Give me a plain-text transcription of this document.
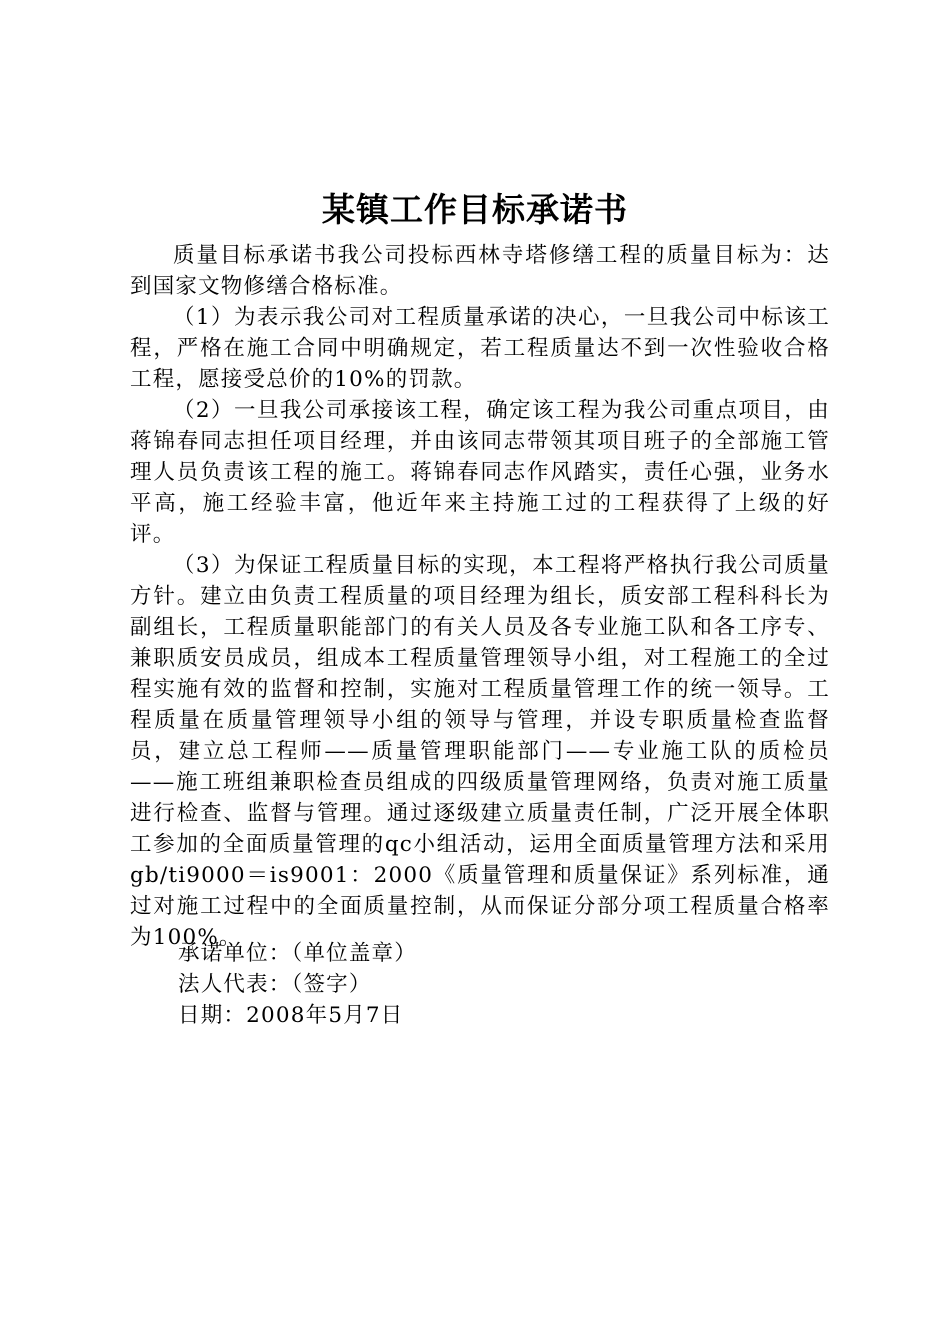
某镇工作目标承诺书

质量目标承诺书我公司投标西林寺塔修缮工程的质量目标为：达到国家文物修缮合格标准。

（1）为表示我公司对工程质量承诺的决心，一旦我公司中标该工程，严格在施工合同中明确规定，若工程质量达不到一次性验收合格工程，愿接受总价的10%的罚款。

（2）一旦我公司承接该工程，确定该工程为我公司重点项目，由蒋锦春同志担任项目经理，并由该同志带领其项目班子的全部施工管理人员负责该工程的施工。蒋锦春同志作风踏实，责任心强，业务水平高，施工经验丰富，他近年来主持施工过的工程获得了上级的好评。

（3）为保证工程质量目标的实现，本工程将严格执行我公司质量方针。建立由负责工程质量的项目经理为组长，质安部工程科科长为副组长，工程质量职能部门的有关人员及各专业施工队和各工序专、兼职质安员成员，组成本工程质量管理领导小组，对工程施工的全过程实施有效的监督和控制，实施对工程质量管理工作的统一领导。工程质量在质量管理领导小组的领导与管理，并设专职质量检查监督员，建立总工程师——质量管理职能部门——专业施工队的质检员——施工班组兼职检查员组成的四级质量管理网络，负责对施工质量进行检查、监督与管理。通过逐级建立质量责任制，广泛开展全体职工参加的全面质量管理的qc小组活动，运用全面质量管理方法和采用gb/ti9000＝is9001：2000《质量管理和质量保证》系列标准，通过对施工过程中的全面质量控制，从而保证分部分项工程质量合格率为100%。

承诺单位：（单位盖章）
法人代表：（签字）
日期：2008年5月7日
